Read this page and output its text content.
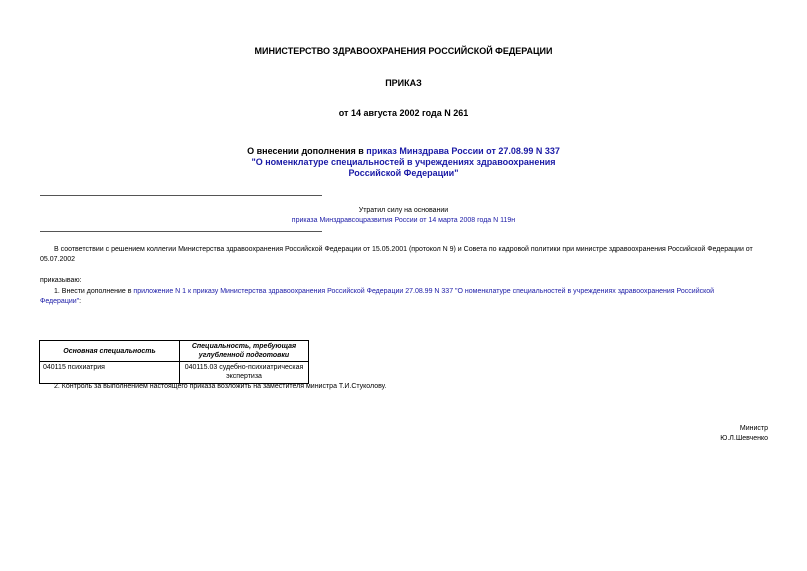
МИНИСТЕРСТВО ЗДРАВООХРАНЕНИЯ РОССИЙСКОЙ ФЕДЕРАЦИИ
ПРИКАЗ
от 14 августа 2002 года N 261
О внесении дополнения в приказ Минздрава России от 27.08.99 N 337
"О номенклатуре специальностей в учреждениях здравоохранения
Российской Федерации"
Утратил силу на основании
приказа Минздравсоцразвития России от 14 марта 2008 года N 119н
В соответствии с решением коллегии Министерства здравоохранения Российской Федерации от 15.05.2001 (протокол N 9) и Совета по кадровой политики при министре здравоохранения Российской Федерации от 05.07.2002
приказываю:
1. Внести дополнение в приложение N 1 к приказу Министерства здравоохранения Российской Федерации 27.08.99 N 337 "О номенклатуре специальностей в учреждениях здравоохранения Российской
Федерации":
Основная специальность	Специальность, требующая углубленной подготовки
040115 психиатрия	040115.03 судебно-психиатрическая экспертиза
2. Контроль за выполнением настоящего приказа возложить на заместителя министра Т.И.Стуколову.
Министр
Ю.Л.Шевченко
